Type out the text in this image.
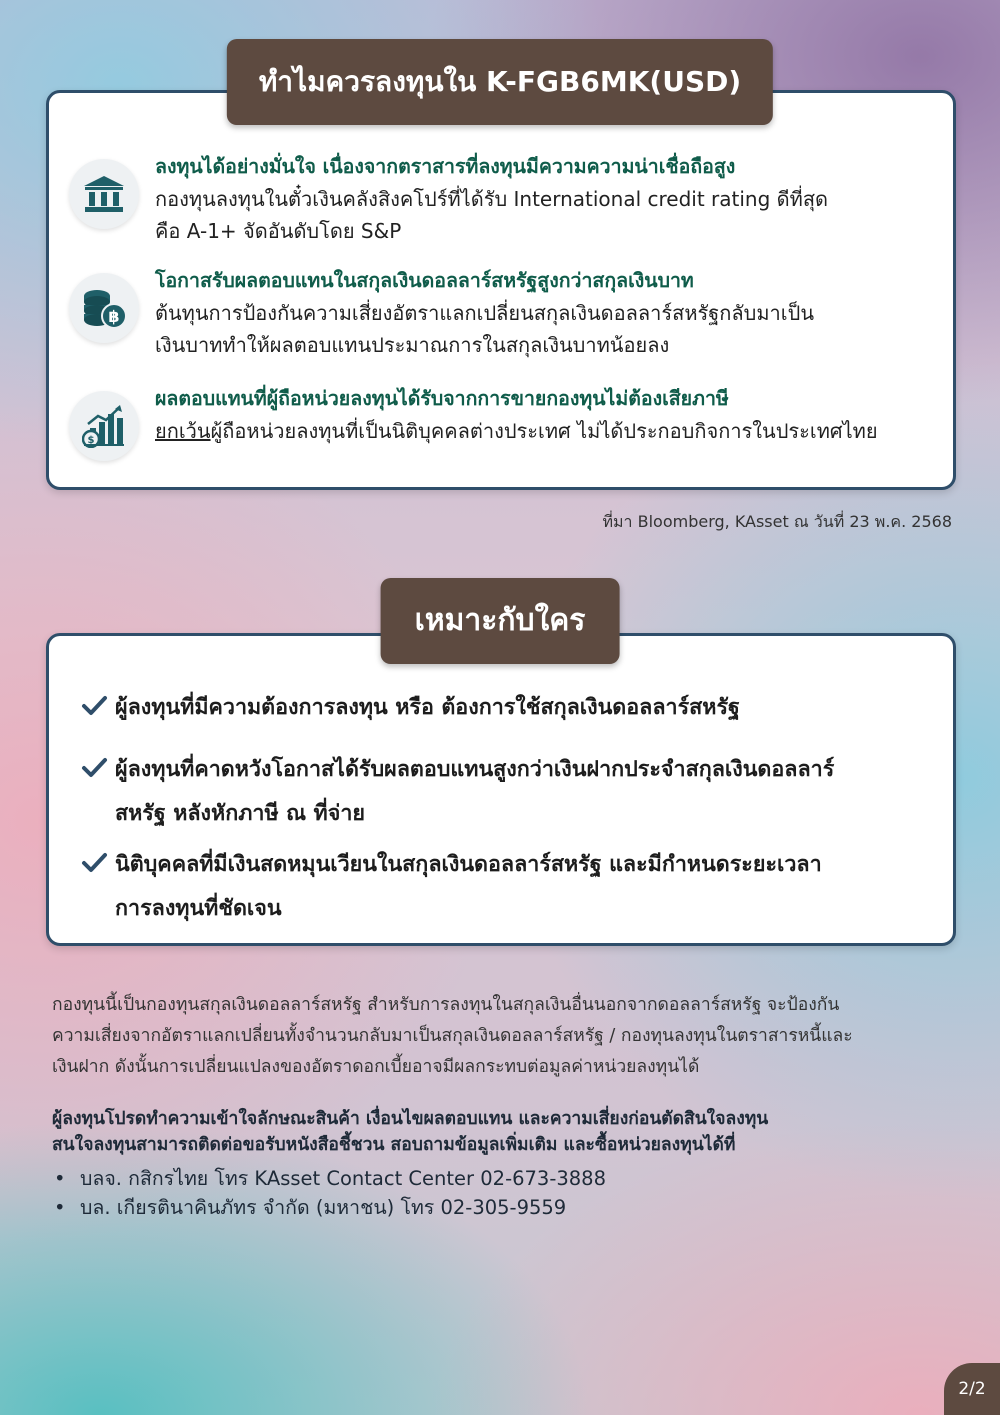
ลงทุนได้อย่างมั่นใจ เนื่องจากตราสารที่ลงทุนมีความความน่าเชื่อถือสูง
กองทุนลงทุนในตั๋วเงินคลังสิงคโปร์ที่ได้รับ International credit rating ดีที่สุด
คือ A-1+ จัดอันดับโดย S&P
฿
โอกาสรับผลตอบแทนในสกุลเงินดอลลาร์สหรัฐสูงกว่าสกุลเงินบาท
ต้นทุนการป้องกันความเสี่ยงอัตราแลกเปลี่ยนสกุลเงินดอลลาร์สหรัฐกลับมาเป็น
เงินบาททำให้ผลตอบแทนประมาณการในสกุลเงินบาทน้อยลง
$
ผลตอบแทนที่ผู้ถือหน่วยลงทุนได้รับจากการขายกองทุนไม่ต้องเสียภาษี
ยกเว้นผู้ถือหน่วยลงทุนที่เป็นนิติบุคคลต่างประเทศ ไม่ได้ประกอบกิจการในประเทศไทย
ทำไมควรลงทุนใน K-FGB6MK(USD)
ที่มา Bloomberg, KAsset ณ วันที่ 23 พ.ค. 2568
ผู้ลงทุนที่มีความต้องการลงทุน หรือ ต้องการใช้สกุลเงินดอลลาร์สหรัฐ
ผู้ลงทุนที่คาดหวังโอกาสได้รับผลตอบแทนสูงกว่าเงินฝากประจำสกุลเงินดอลลาร์
สหรัฐ หลังหักภาษี ณ ที่จ่าย
นิติบุคคลที่มีเงินสดหมุนเวียนในสกุลเงินดอลลาร์สหรัฐ และมีกำหนดระยะเวลา
การลงทุนที่ชัดเจน
เหมาะกับใคร
กองทุนนี้เป็นกองทุนสกุลเงินดอลลาร์สหรัฐ สำหรับการลงทุนในสกุลเงินอื่นนอกจากดอลลาร์สหรัฐ จะป้องกัน
ความเสี่ยงจากอัตราแลกเปลี่ยนทั้งจำนวนกลับมาเป็นสกุลเงินดอลลาร์สหรัฐ / กองทุนลงทุนในตราสารหนี้และ
เงินฝาก ดังนั้นการเปลี่ยนแปลงของอัตราดอกเบี้ยอาจมีผลกระทบต่อมูลค่าหน่วยลงทุนได้
ผู้ลงทุนโปรดทำความเข้าใจลักษณะสินค้า เงื่อนไขผลตอบแทน และความเสี่ยงก่อนตัดสินใจลงทุน
สนใจลงทุนสามารถติดต่อขอรับหนังสือชี้ชวน สอบถามข้อมูลเพิ่มเติม และซื้อหน่วยลงทุนได้ที่
• บลจ. กสิกรไทย โทร KAsset Contact Center 02-673-3888
• บล. เกียรตินาคินภัทร จำกัด (มหาชน) โทร 02-305-9559
2/2
